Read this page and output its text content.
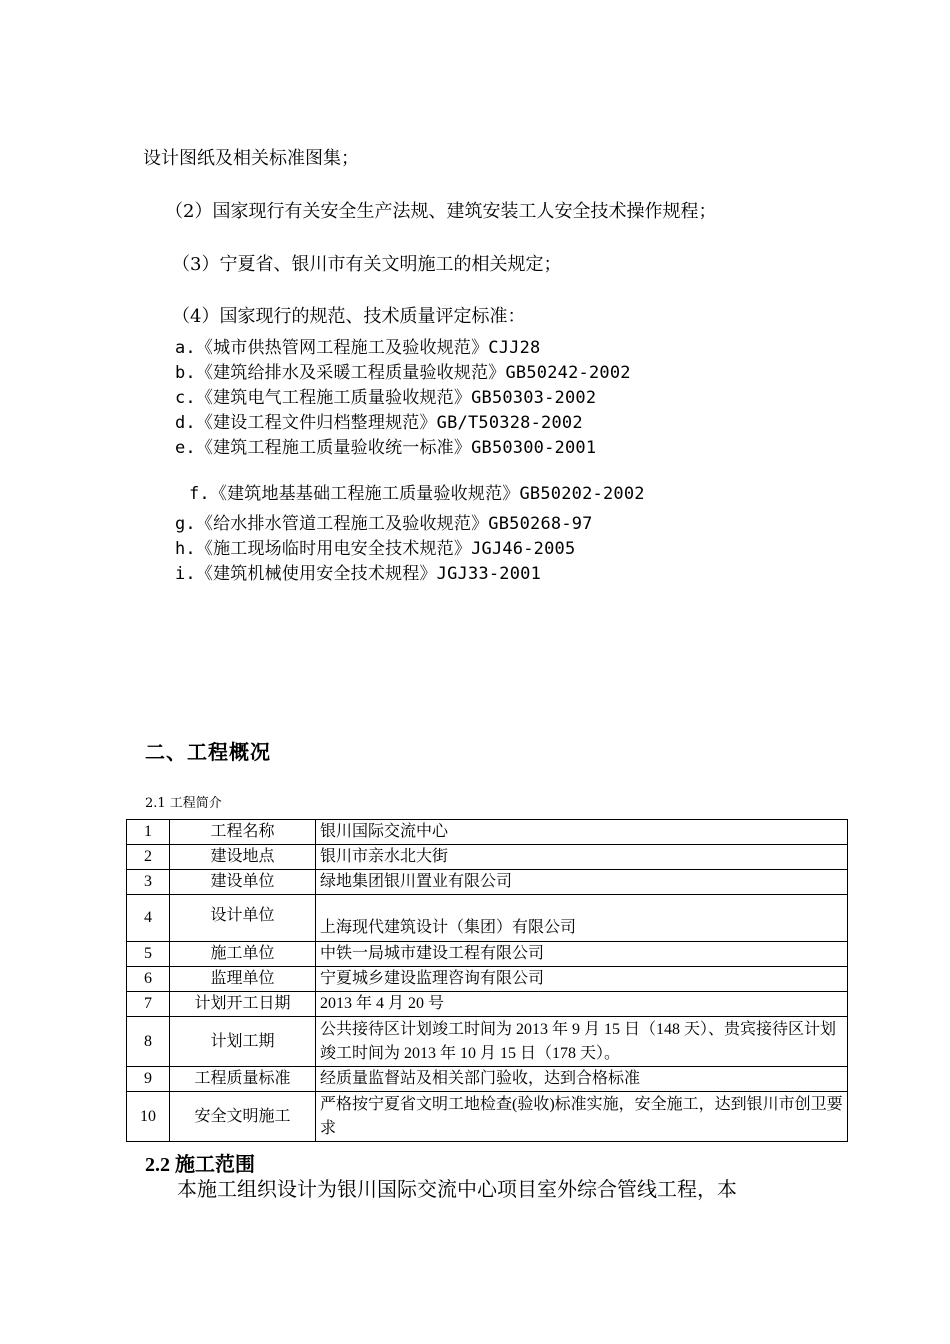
设计图纸及相关标准图集；
（2）国家现行有关安全生产法规、建筑安装工人安全技术操作规程；
（3）宁夏省、银川市有关文明施工的相关规定；
（4）国家现行的规范、技术质量评定标准：
a.《城市供热管网工程施工及验收规范》CJJ28
b.《建筑给排水及采暖工程质量验收规范》GB50242-2002
c.《建筑电气工程施工质量验收规范》GB50303-2002
d.《建设工程文件归档整理规范》GB/T50328-2002
e.《建筑工程施工质量验收统一标准》GB50300-2001
f.《建筑地基基础工程施工质量验收规范》GB50202-2002
g.《给水排水管道工程施工及验收规范》GB50268-97
h.《施工现场临时用电安全技术规范》JGJ46-2005
i.《建筑机械使用安全技术规程》JGJ33-2001
二、工程概况
2.1 工程简介
1	工程名称	银川国际交流中心
2	建设地点	银川市亲水北大街
3	建设单位	绿地集团银川置业有限公司
4	设计单位	上海现代建筑设计（集团）有限公司
5	施工单位	中铁一局城市建设工程有限公司
6	监理单位	宁夏城乡建设监理咨询有限公司
7	计划开工日期	2013 年 4 月 20 号
8	计划工期	公共接待区计划竣工时间为 2013 年 9 月 15 日（148 天）、贵宾接待区计划竣工时间为 2013 年 10 月 15 日（178 天）。
9	工程质量标准	经质量监督站及相关部门验收，达到合格标准
10	安全文明施工	严格按宁夏省文明工地检查(验收)标准实施，安全施工，达到银川市创卫要求
2.2 施工范围
本施工组织设计为银川国际交流中心项目室外综合管线工程，本
